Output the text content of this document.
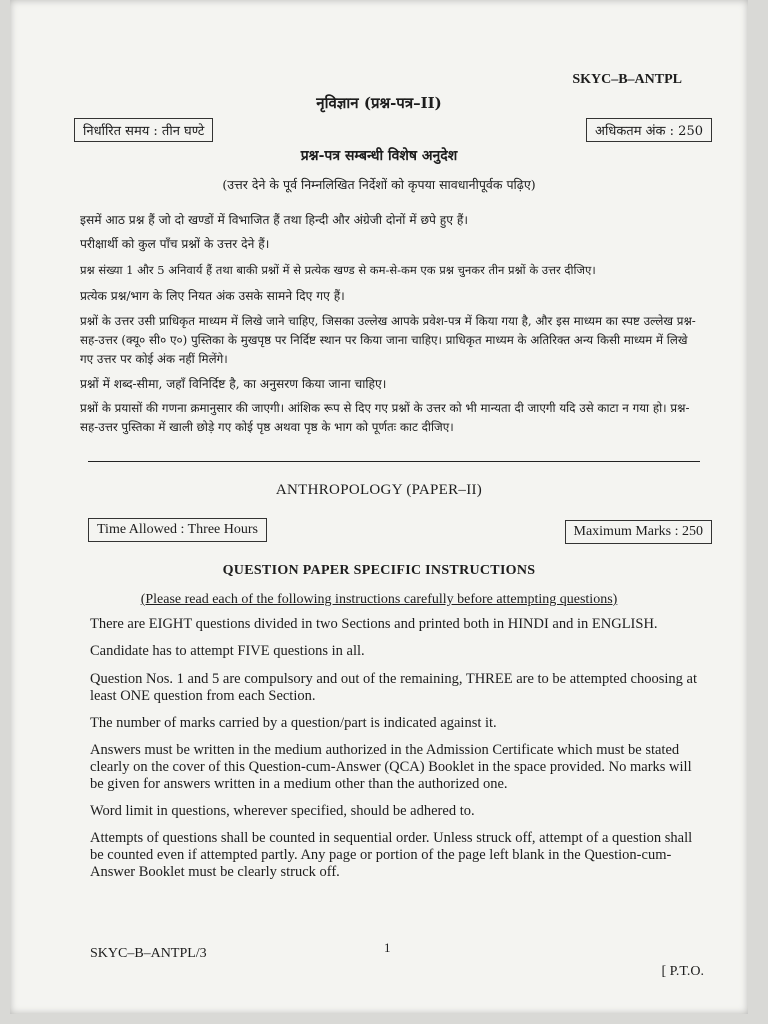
SKYC–B–ANTPL
नृविज्ञान (प्रश्न-पत्र–II)
निर्धारित समय : तीन घण्टे	अधिकतम अंक : 250
प्रश्न-पत्र सम्बन्धी विशेष अनुदेश
(उत्तर देने के पूर्व निम्नलिखित निर्देशों को कृपया सावधानीपूर्वक पढ़िए)

इसमें आठ प्रश्न हैं जो दो खण्डों में विभाजित हैं तथा हिन्दी और अंग्रेजी दोनों में छपे हुए हैं।

परीक्षार्थी को कुल पाँच प्रश्नों के उत्तर देने हैं।

प्रश्न संख्या 1 और 5 अनिवार्य हैं तथा बाकी प्रश्नों में से प्रत्येक खण्ड से कम-से-कम एक प्रश्न चुनकर तीन प्रश्नों के उत्तर दीजिए।

प्रत्येक प्रश्न/भाग के लिए नियत अंक उसके सामने दिए गए हैं।

प्रश्नों के उत्तर उसी प्राधिकृत माध्यम में लिखे जाने चाहिए, जिसका उल्लेख आपके प्रवेश-पत्र में किया गया है, और इस माध्यम का स्पष्ट उल्लेख प्रश्न-सह-उत्तर (क्यू० सी० ए०) पुस्तिका के मुखपृष्ठ पर निर्दिष्ट स्थान पर किया जाना चाहिए। प्राधिकृत माध्यम के अतिरिक्त अन्य किसी माध्यम में लिखे गए उत्तर पर कोई अंक नहीं मिलेंगे।

प्रश्नों में शब्द-सीमा, जहाँ विनिर्दिष्ट है, का अनुसरण किया जाना चाहिए।

प्रश्नों के प्रयासों की गणना क्रमानुसार की जाएगी। आंशिक रूप से दिए गए प्रश्नों के उत्तर को भी मान्यता दी जाएगी यदि उसे काटा न गया हो। प्रश्न-सह-उत्तर पुस्तिका में खाली छोड़े गए कोई पृष्ठ अथवा पृष्ठ के भाग को पूर्णतः काट दीजिए।

ANTHROPOLOGY (PAPER–II)
Time Allowed : Three Hours	Maximum Marks : 250
QUESTION PAPER SPECIFIC INSTRUCTIONS
(Please read each of the following instructions carefully before attempting questions)

There are EIGHT questions divided in two Sections and printed both in HINDI and in ENGLISH.

Candidate has to attempt FIVE questions in all.

Question Nos. 1 and 5 are compulsory and out of the remaining, THREE are to be attempted choosing at least ONE question from each Section.

The number of marks carried by a question/part is indicated against it.

Answers must be written in the medium authorized in the Admission Certificate which must be stated clearly on the cover of this Question-cum-Answer (QCA) Booklet in the space provided. No marks will be given for answers written in a medium other than the authorized one.

Word limit in questions, wherever specified, should be adhered to.

Attempts of questions shall be counted in sequential order. Unless struck off, attempt of a question shall be counted even if attempted partly. Any page or portion of the page left blank in the Question-cum-Answer Booklet must be clearly struck off.

SKYC–B–ANTPL/3	1
[ P.T.O.
